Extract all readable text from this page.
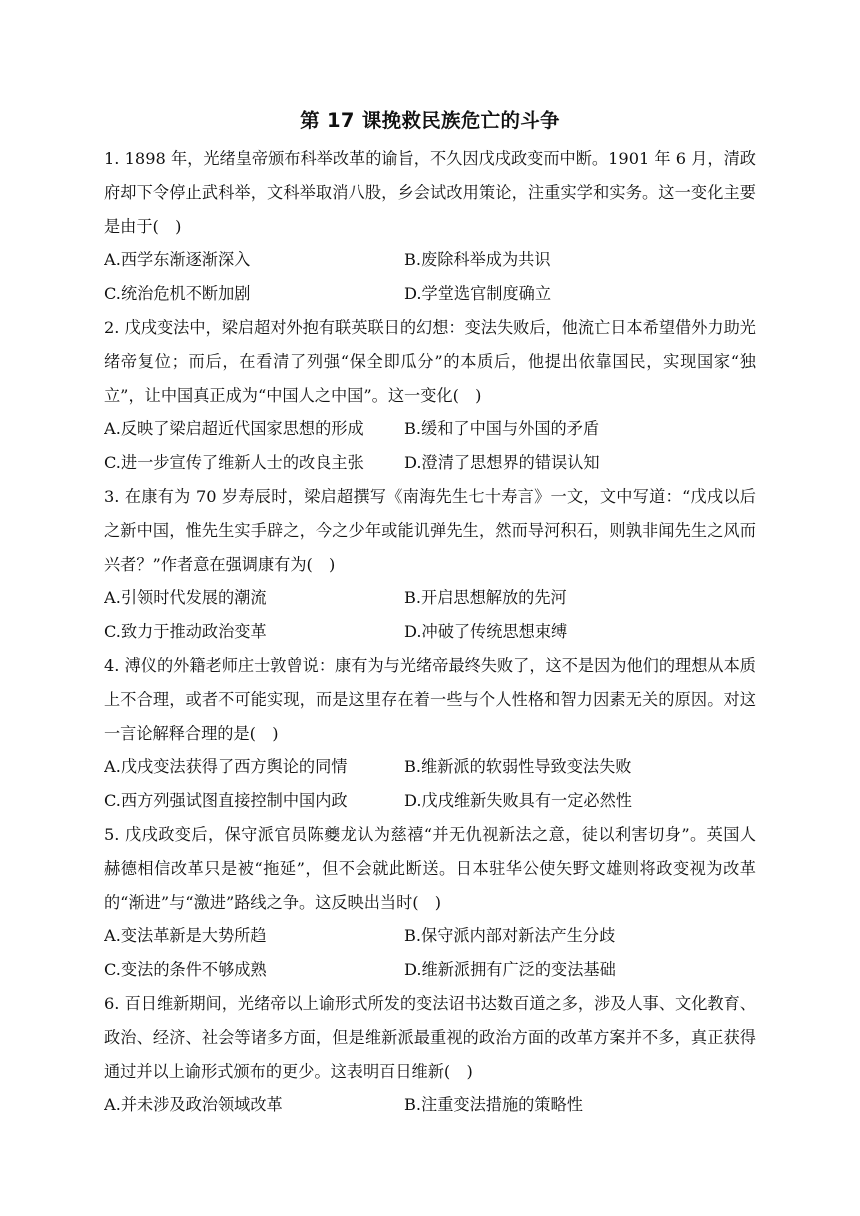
第 17 课挽救民族危亡的斗争

1. 1898 年，光绪皇帝颁布科举改革的谕旨，不久因戊戌政变而中断。1901 年 6 月，清政府却下令停止武科举，文科举取消八股，乡会试改用策论，注重实学和实务。这一变化主要是由于(　)

A.西学东渐逐渐深入	B.废除科举成为共识
C.统治危机不断加剧	D.学堂选官制度确立

2. 戊戌变法中，梁启超对外抱有联英联日的幻想：变法失败后，他流亡日本希望借外力助光绪帝复位；而后，在看清了列强“保全即瓜分”的本质后，他提出依靠国民，实现国家“独立”，让中国真正成为“中国人之中国”。这一变化(　)

A.反映了梁启超近代国家思想的形成	B.缓和了中国与外国的矛盾
C.进一步宣传了维新人士的改良主张	D.澄清了思想界的错误认知

3. 在康有为 70 岁寿辰时，梁启超撰写《南海先生七十寿言》一文，文中写道：“戊戌以后之新中国，惟先生实手辟之，今之少年或能讥弹先生，然而导河积石，则孰非闻先生之风而兴者？”作者意在强调康有为(　)

A.引领时代发展的潮流	B.开启思想解放的先河
C.致力于推动政治变革	D.冲破了传统思想束缚

4. 溥仪的外籍老师庄士敦曾说：康有为与光绪帝最终失败了，这不是因为他们的理想从本质上不合理，或者不可能实现，而是这里存在着一些与个人性格和智力因素无关的原因。对这一言论解释合理的是(　)

A.戊戌变法获得了西方舆论的同情	B.维新派的软弱性导致变法失败
C.西方列强试图直接控制中国内政	D.戊戌维新失败具有一定必然性

5. 戊戌政变后，保守派官员陈夔龙认为慈禧“并无仇视新法之意，徒以利害切身”。英国人赫德相信改革只是被“拖延”，但不会就此断送。日本驻华公使矢野文雄则将政变视为改革的“渐进”与“激进”路线之争。这反映出当时(　)

A.变法革新是大势所趋	B.保守派内部对新法产生分歧
C.变法的条件不够成熟	D.维新派拥有广泛的变法基础

6. 百日维新期间，光绪帝以上谕形式所发的变法诏书达数百道之多，涉及人事、文化教育、政治、经济、社会等诸多方面，但是维新派最重视的政治方面的改革方案并不多，真正获得通过并以上谕形式颁布的更少。这表明百日维新(　)

A.并未涉及政治领域改革	B.注重变法措施的策略性
